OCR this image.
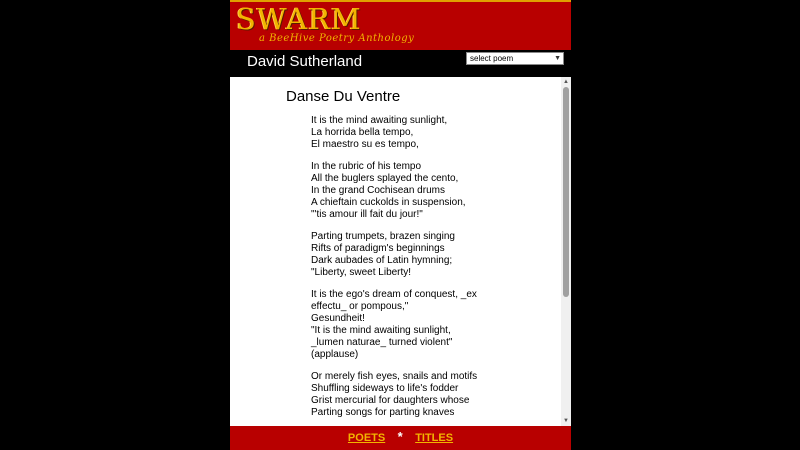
SWARM
a BeeHive Poetry Anthology
David Sutherland	select poem	▼
Danse Du Ventre
It is the mind awaiting sunlight,
La horrida bella tempo,
El maestro su es tempo,
In the rubric of his tempo
All the buglers splayed the cento,
In the grand Cochisean drums
A chieftain cuckolds in suspension,
"'tis amour ill fait du jour!"
Parting trumpets, brazen singing
Rifts of paradigm's beginnings
Dark aubades of Latin hymning;
"Liberty, sweet Liberty!
It is the ego's dream of conquest, _ex
effectu_ or pompous,"
Gesundheit!
"It is the mind awaiting sunlight,
_lumen naturae_ turned violent"
(applause)
Or merely fish eyes, snails and motifs
Shuffling sideways to life's fodder
Grist mercurial for daughters whose
Parting songs for parting knaves
▲
▼
POETS * TITLES
